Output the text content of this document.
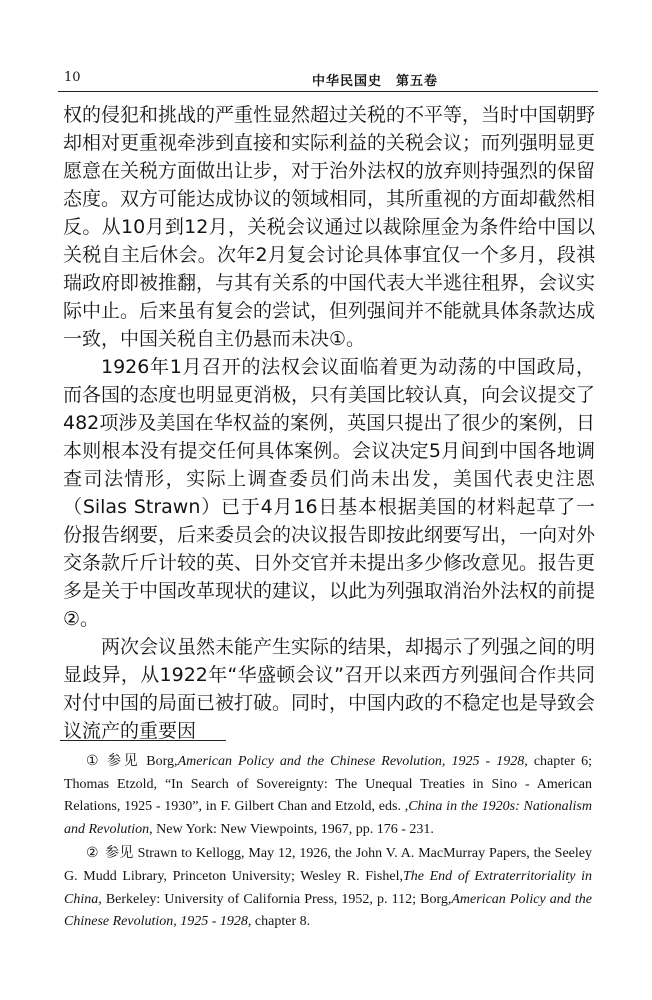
10	中华民国史　第五卷

权的侵犯和挑战的严重性显然超过关税的不平等，当时中国朝野却相对更重视牵涉到直接和实际利益的关税会议；而列强明显更愿意在关税方面做出让步，对于治外法权的放弃则持强烈的保留态度。双方可能达成协议的领域相同，其所重视的方面却截然相反。从10月到12月，关税会议通过以裁除厘金为条件给中国以关税自主后休会。次年2月复会讨论具体事宜仅一个多月，段祺瑞政府即被推翻，与其有关系的中国代表大半逃往租界，会议实际中止。后来虽有复会的尝试，但列强间并不能就具体条款达成一致，中国关税自主仍悬而未决①。

1926年1月召开的法权会议面临着更为动荡的中国政局，而各国的态度也明显更消极，只有美国比较认真，向会议提交了482项涉及美国在华权益的案例，英国只提出了很少的案例，日本则根本没有提交任何具体案例。会议决定5月间到中国各地调查司法情形，实际上调查委员们尚未出发，美国代表史注恩（Silas Strawn）已于4月16日基本根据美国的材料起草了一份报告纲要，后来委员会的决议报告即按此纲要写出，一向对外交条款斤斤计较的英、日外交官并未提出多少修改意见。报告更多是关于中国改革现状的建议，以此为列强取消治外法权的前提②。

两次会议虽然未能产生实际的结果，却揭示了列强之间的明显歧异，从1922年“华盛顿会议”召开以来西方列强间合作共同对付中国的局面已被打破。同时，中国内政的不稳定也是导致会议流产的重要因

① 参见 Borg,American Policy and the Chinese Revolution, 1925 - 1928, chapter 6; Thomas Etzold, “In Search of Sovereignty: The Unequal Treaties in Sino - American Relations, 1925 - 1930”, in F. Gilbert Chan and Etzold, eds. ,China in the 1920s: Nationalism and Revolution, New York: New Viewpoints, 1967, pp. 176 - 231.

② 参见 Strawn to Kellogg, May 12, 1926, the John V. A. MacMurray Papers, the Seeley G. Mudd Library, Princeton University; Wesley R. Fishel,The End of Extraterritoriality in China, Berkeley: University of California Press, 1952, p. 112; Borg,American Policy and the Chinese Revolution, 1925 - 1928, chapter 8.
